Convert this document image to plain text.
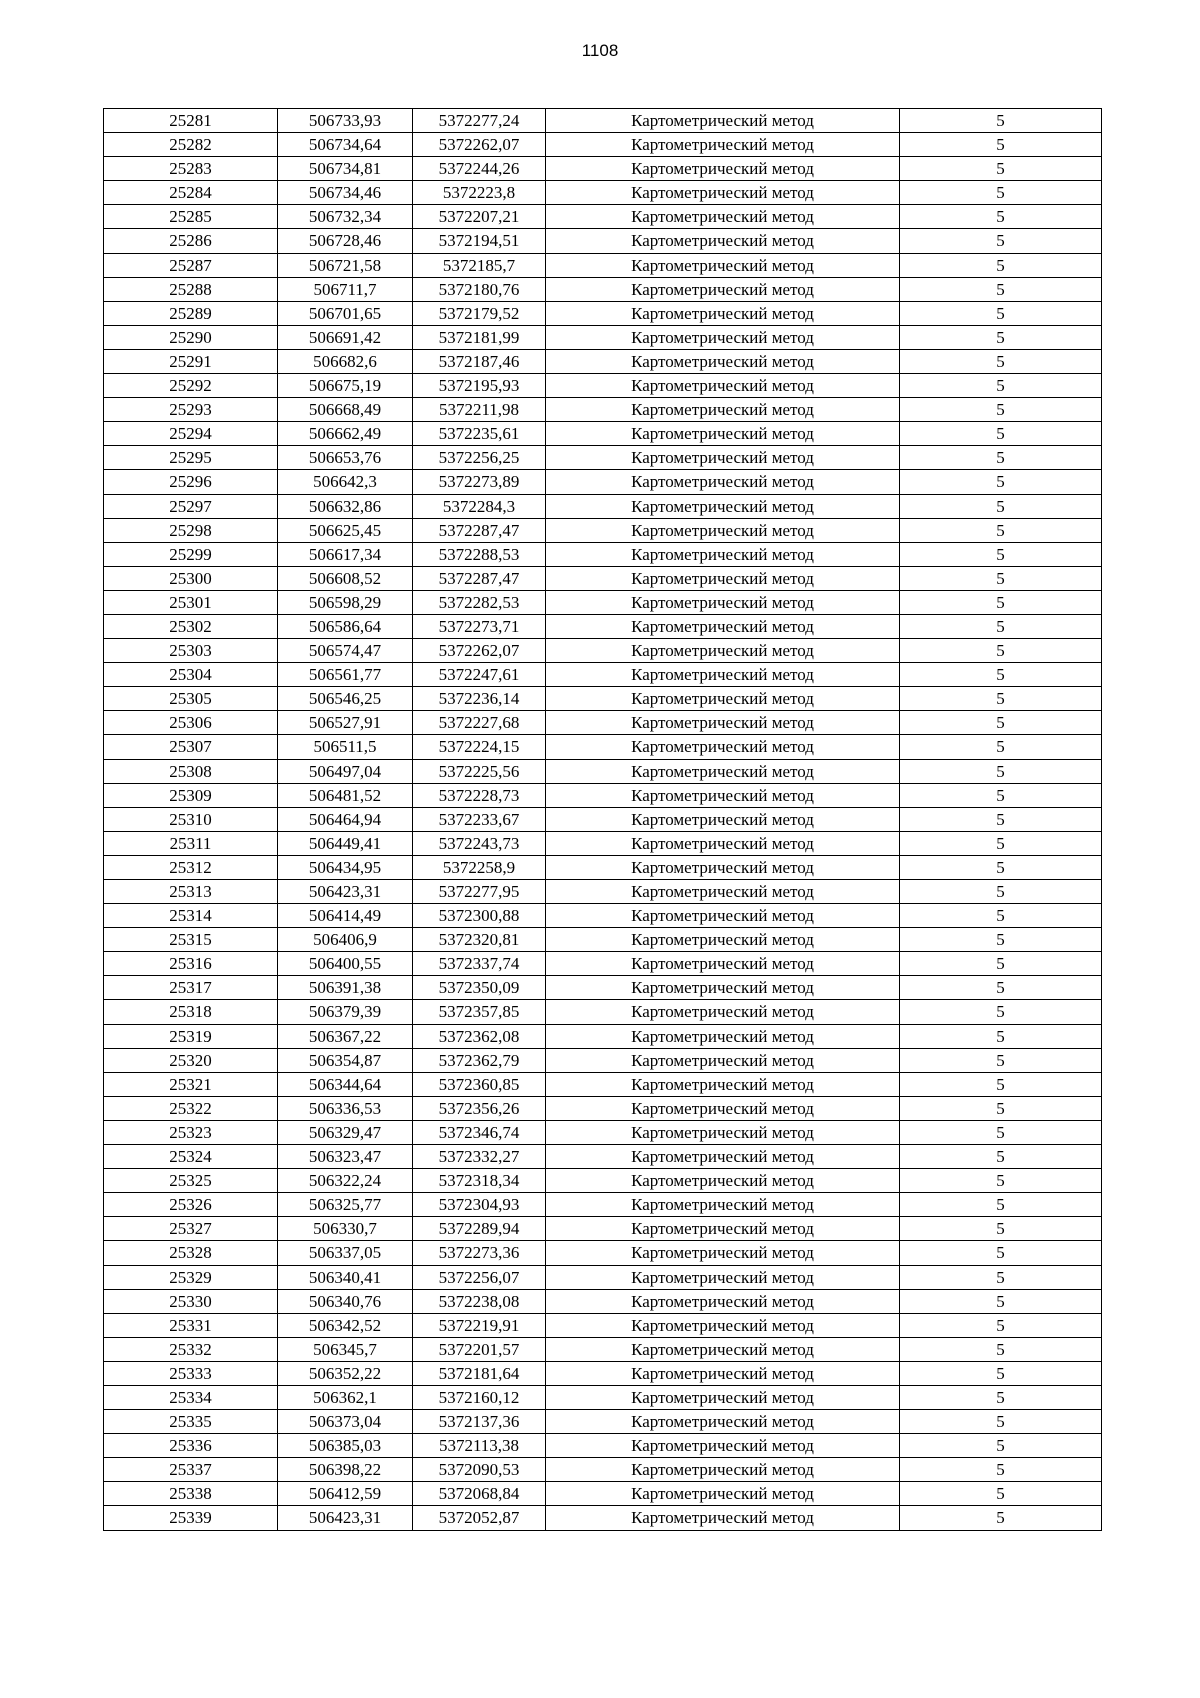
1108
25281	506733,93	5372277,24	Картометрический метод	5
25282	506734,64	5372262,07	Картометрический метод	5
25283	506734,81	5372244,26	Картометрический метод	5
25284	506734,46	5372223,8	Картометрический метод	5
25285	506732,34	5372207,21	Картометрический метод	5
25286	506728,46	5372194,51	Картометрический метод	5
25287	506721,58	5372185,7	Картометрический метод	5
25288	506711,7	5372180,76	Картометрический метод	5
25289	506701,65	5372179,52	Картометрический метод	5
25290	506691,42	5372181,99	Картометрический метод	5
25291	506682,6	5372187,46	Картометрический метод	5
25292	506675,19	5372195,93	Картометрический метод	5
25293	506668,49	5372211,98	Картометрический метод	5
25294	506662,49	5372235,61	Картометрический метод	5
25295	506653,76	5372256,25	Картометрический метод	5
25296	506642,3	5372273,89	Картометрический метод	5
25297	506632,86	5372284,3	Картометрический метод	5
25298	506625,45	5372287,47	Картометрический метод	5
25299	506617,34	5372288,53	Картометрический метод	5
25300	506608,52	5372287,47	Картометрический метод	5
25301	506598,29	5372282,53	Картометрический метод	5
25302	506586,64	5372273,71	Картометрический метод	5
25303	506574,47	5372262,07	Картометрический метод	5
25304	506561,77	5372247,61	Картометрический метод	5
25305	506546,25	5372236,14	Картометрический метод	5
25306	506527,91	5372227,68	Картометрический метод	5
25307	506511,5	5372224,15	Картометрический метод	5
25308	506497,04	5372225,56	Картометрический метод	5
25309	506481,52	5372228,73	Картометрический метод	5
25310	506464,94	5372233,67	Картометрический метод	5
25311	506449,41	5372243,73	Картометрический метод	5
25312	506434,95	5372258,9	Картометрический метод	5
25313	506423,31	5372277,95	Картометрический метод	5
25314	506414,49	5372300,88	Картометрический метод	5
25315	506406,9	5372320,81	Картометрический метод	5
25316	506400,55	5372337,74	Картометрический метод	5
25317	506391,38	5372350,09	Картометрический метод	5
25318	506379,39	5372357,85	Картометрический метод	5
25319	506367,22	5372362,08	Картометрический метод	5
25320	506354,87	5372362,79	Картометрический метод	5
25321	506344,64	5372360,85	Картометрический метод	5
25322	506336,53	5372356,26	Картометрический метод	5
25323	506329,47	5372346,74	Картометрический метод	5
25324	506323,47	5372332,27	Картометрический метод	5
25325	506322,24	5372318,34	Картометрический метод	5
25326	506325,77	5372304,93	Картометрический метод	5
25327	506330,7	5372289,94	Картометрический метод	5
25328	506337,05	5372273,36	Картометрический метод	5
25329	506340,41	5372256,07	Картометрический метод	5
25330	506340,76	5372238,08	Картометрический метод	5
25331	506342,52	5372219,91	Картометрический метод	5
25332	506345,7	5372201,57	Картометрический метод	5
25333	506352,22	5372181,64	Картометрический метод	5
25334	506362,1	5372160,12	Картометрический метод	5
25335	506373,04	5372137,36	Картометрический метод	5
25336	506385,03	5372113,38	Картометрический метод	5
25337	506398,22	5372090,53	Картометрический метод	5
25338	506412,59	5372068,84	Картометрический метод	5
25339	506423,31	5372052,87	Картометрический метод	5
